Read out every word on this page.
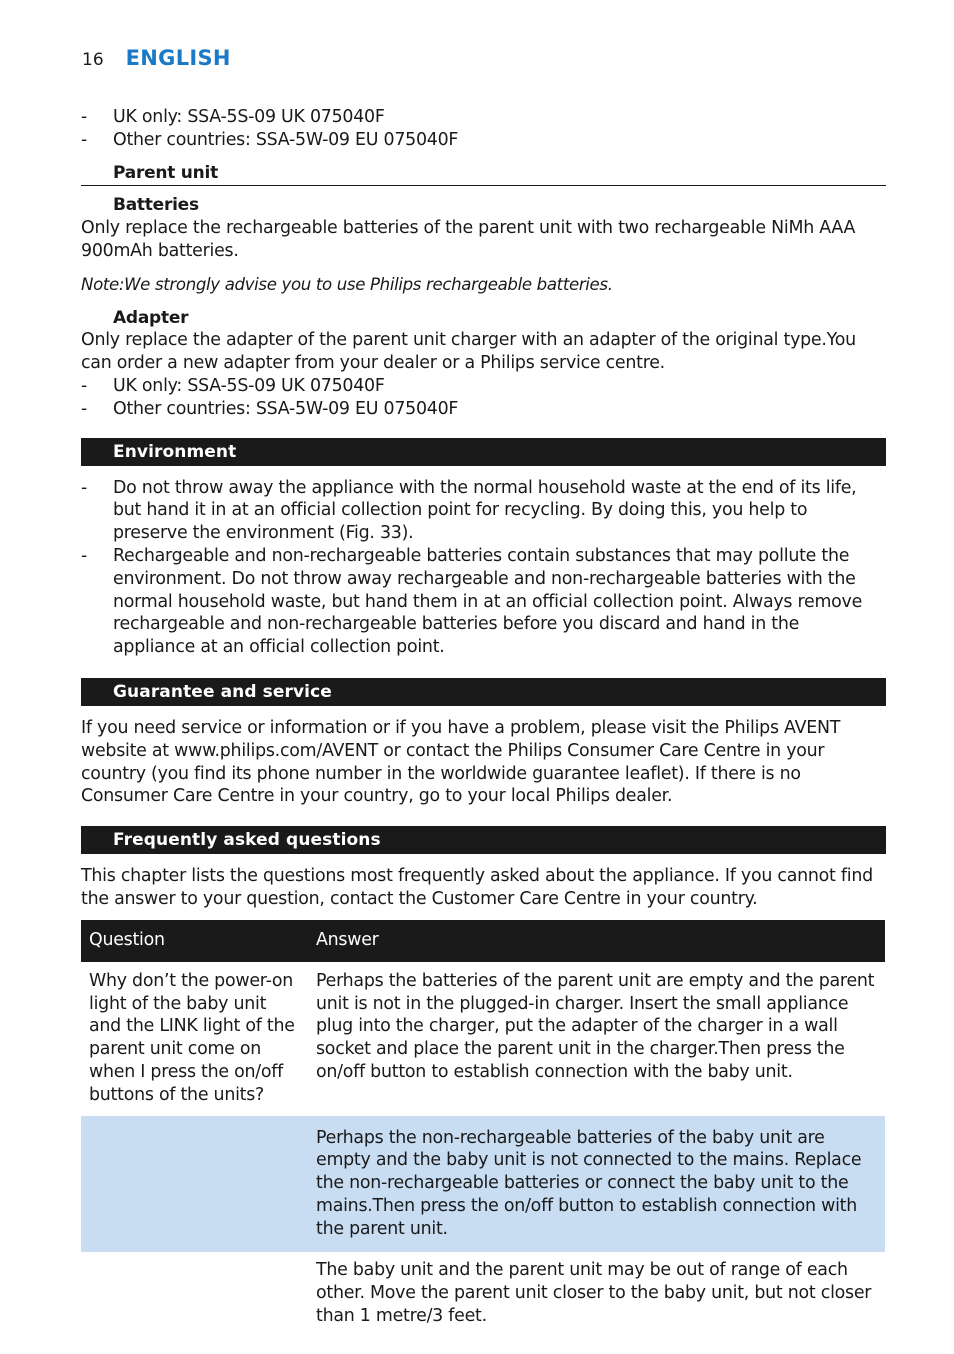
16 ENGLISH
- UK only: SSA-5S-09 UK 075040F
- Other countries: SSA-5W-09 EU 075040F
Parent unit
Batteries

Only replace the rechargeable batteries of the parent unit with two rechargeable NiMh AAA 900mAh batteries.

Note:We strongly advise you to use Philips rechargeable batteries.

Adapter

Only replace the adapter of the parent unit charger with an adapter of the original type.You can order a new adapter from your dealer or a Philips service centre.

- UK only: SSA-5S-09 UK 075040F
- Other countries: SSA-5W-09 EU 075040F
Environment
- Do not throw away the appliance with the normal household waste at the end of its life, but hand it in at an official collection point for recycling. By doing this, you help to preserve the environment (Fig. 33).
- Rechargeable and non-rechargeable batteries contain substances that may pollute the environment. Do not throw away rechargeable and non-rechargeable batteries with the normal household waste, but hand them in at an official collection point. Always remove rechargeable and non-rechargeable batteries before you discard and hand in the appliance at an official collection point.
Guarantee and service

If you need service or information or if you have a problem, please visit the Philips AVENT website at www.philips.com/AVENT or contact the Philips Consumer Care Centre in your country (you find its phone number in the worldwide guarantee leaflet). If there is no Consumer Care Centre in your country, go to your local Philips dealer.

Frequently asked questions

This chapter lists the questions most frequently asked about the appliance. If you cannot find the answer to your question, contact the Customer Care Centre in your country.

Question	Answer
Why don’t the power-on light of the baby unit and the LINK light of the parent unit come on when I press the on/off buttons of the units?	Perhaps the batteries of the parent unit are empty and the parent unit is not in the plugged-in charger. Insert the small appliance plug into the charger, put the adapter of the charger in a wall socket and place the parent unit in the charger.Then press the on/off button to establish connection with the baby unit.
	Perhaps the non-rechargeable batteries of the baby unit are empty and the baby unit is not connected to the mains. Replace the non-rechargeable batteries or connect the baby unit to the mains.Then press the on/off button to establish connection with the parent unit.
	The baby unit and the parent unit may be out of range of each other. Move the parent unit closer to the baby unit, but not closer than 1 metre/3 feet.
